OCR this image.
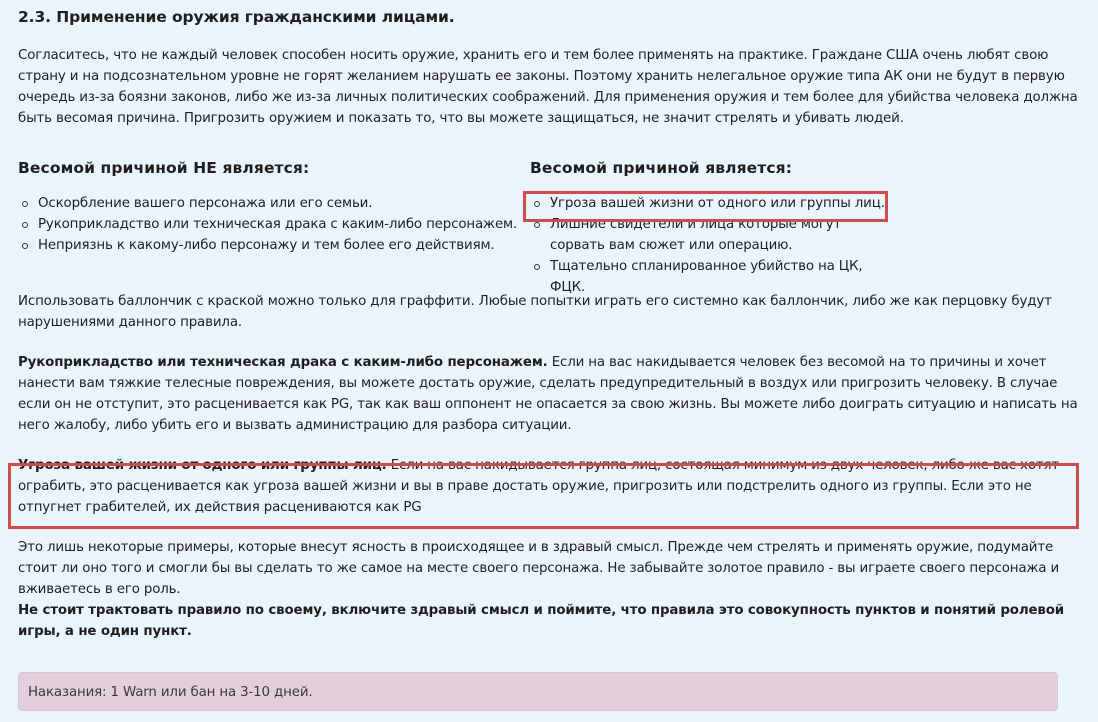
2.3. Применение оружия гражданскими лицами.

Согласитесь, что не каждый человек способен носить оружие, хранить его и тем более применять на практике. Граждане США очень любят свою страну и на подсознательном уровне не горят желанием нарушать ее законы. Поэтому хранить нелегальное оружие типа АК они не будут в первую очередь из-за боязни законов, либо же из-за личных политических соображений. Для применения оружия и тем более для убийства человека должна быть весомая причина. Пригрозить оружием и показать то, что вы можете защищаться, не значит стрелять и убивать людей.

Весомой причиной НЕ является:
Оскорбление вашего персонажа или его семьи.
Рукоприкладство или техническая драка с каким-либо персонажем.
Неприязнь к какому-либо персонажу и тем более его действиям.
Весомой причиной является:
Угроза вашей жизни от одного или группы лиц.
Лишние свидетели и лица которые могут сорвать вам сюжет или операцию.
Тщательно спланированное убийство на ЦК, ФЦК.

Использовать баллончик с краской можно только для граффити. Любые попытки играть его системно как баллончик, либо же как перцовку будут нарушениями данного правила.

Рукоприкладство или техническая драка с каким-либо персонажем. Если на вас накидывается человек без весомой на то причины и хочет нанести вам тяжкие телесные повреждения, вы можете достать оружие, сделать предупредительный в воздух или пригрозить человеку. В случае если он не отступит, это расценивается как PG, так как ваш оппонент не опасается за свою жизнь. Вы можете либо доиграть ситуацию и написать на него жалобу, либо убить его и вызвать администрацию для разбора ситуации.

Угроза вашей жизни от одного или группы лиц. Если на вас накидывается группа лиц, состоящая минимум из двух человек, либо же вас хотят ограбить, это расценивается как угроза вашей жизни и вы в праве достать оружие, пригрозить или подстрелить одного из группы. Если это не отпугнет грабителей, их действия расцениваются как PG

Это лишь некоторые примеры, которые внесут ясность в происходящее и в здравый смысл. Прежде чем стрелять и применять оружие, подумайте стоит ли оно того и смогли бы вы сделать то же самое на месте своего персонажа. Не забывайте золотое правило - вы играете своего персонажа и вживаетесь в его роль.

Не стоит трактовать правило по своему, включите здравый смысл и поймите, что правила это совокупность пунктов и понятий ролевой игры, а не один пункт.

Наказания: 1 Warn или бан на 3-10 дней.
